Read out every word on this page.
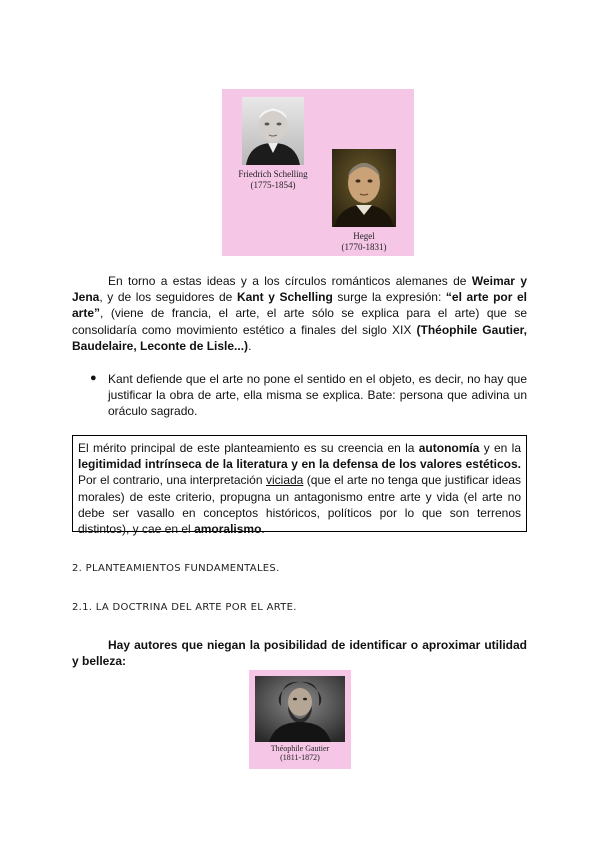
Friedrich Schelling
(1775-1854)
Hegel
(1770-1831)

En torno a estas ideas y a los círculos románticos alemanes de Weimar y Jena, y de los seguidores de Kant y Schelling surge la expresión: “el arte por el arte”, (viene de francia, el arte, el arte sólo se explica para el arte) que se consolidaría como movimiento estético a finales del siglo XIX (Théophile Gautier, Baudelaire, Leconte de Lisle...).

● Kant defiende que el arte no pone el sentido en el objeto, es decir, no hay que justificar la obra de arte, ella misma se explica. Bate: persona que adivina un oráculo sagrado.

El mérito principal de este planteamiento es su creencia en la autonomía y en la legitimidad intrínseca de la literatura y en la defensa de los valores estéticos. Por el contrario, una interpretación viciada (que el arte no tenga que justificar ideas morales) de este criterio, propugna un antagonismo entre arte y vida (el arte no debe ser vasallo en conceptos históricos, políticos por lo que son terrenos distintos), y cae en el amoralismo.

2. PLANTEAMIENTOS FUNDAMENTALES.
2.1. LA DOCTRINA DEL ARTE POR EL ARTE.

Hay autores que niegan la posibilidad de identificar o aproximar utilidad y belleza:

Théophile Gautier
(1811-1872)
